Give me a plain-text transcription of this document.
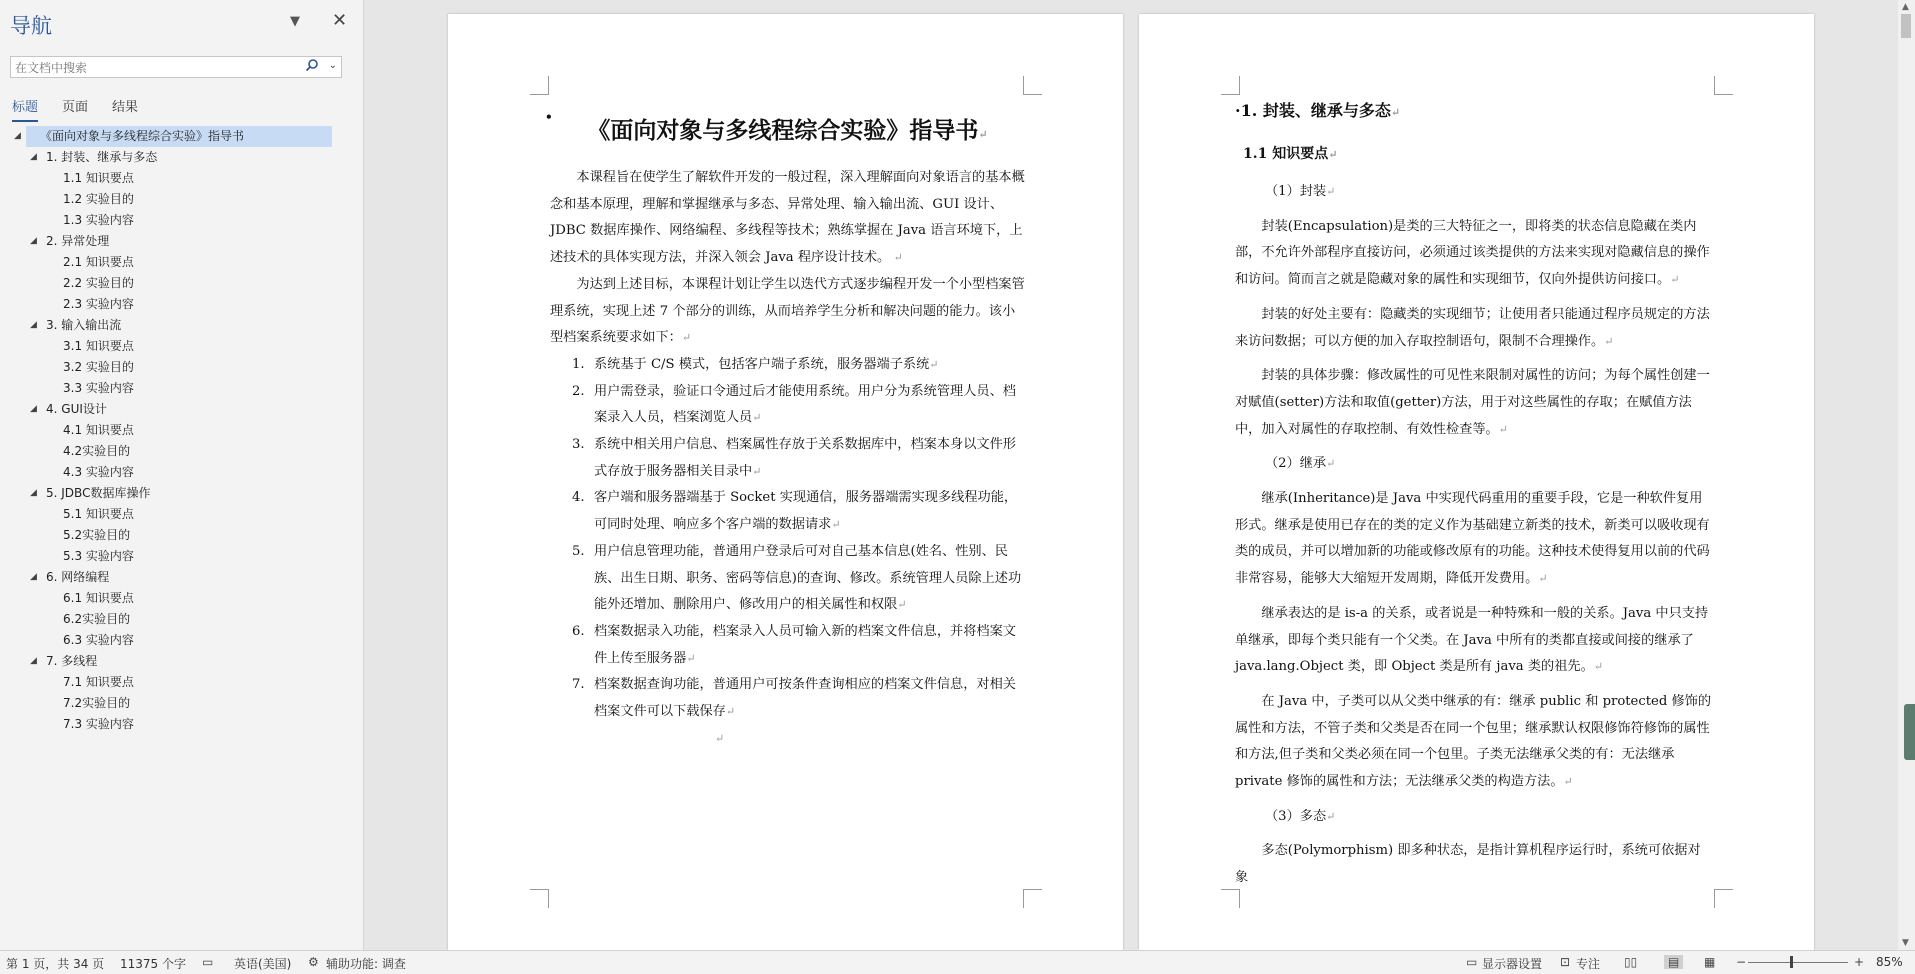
导航	▼ ✕
在文档中搜索
⌄
标题 页面 结果
◢ 《面向对象与多线程综合实验》指导书
◢ 1. 封装、继承与多态
1.1 知识要点
1.2 实验目的
1.3 实验内容
◢ 2. 异常处理
2.1 知识要点
2.2 实验目的
2.3 实验内容
◢ 3. 输入输出流
3.1 知识要点
3.2 实验目的
3.3 实验内容
◢ 4. GUI设计
4.1 知识要点
4.2实验目的
4.3 实验内容
◢ 5. JDBC数据库操作
5.1 知识要点
5.2实验目的
5.3 实验内容
◢ 6. 网络编程
6.1 知识要点
6.2实验目的
6.3 实验内容
◢ 7. 多线程
7.1 知识要点
7.2实验目的
7.3 实验内容
• 《面向对象与多线程综合实验》指导书↵

本课程旨在使学生了解软件开发的一般过程，深入理解面向对象语言的基本概念和基本原理，理解和掌握继承与多态、异常处理、输入输出流、GUI 设计、JDBC 数据库操作、网络编程、多线程等技术；熟练掌握在 Java 语言环境下，上述技术的具体实现方法，并深入领会 Java 程序设计技术。 ↵

为达到上述目标，本课程计划让学生以迭代方式逐步编程开发一个小型档案管理系统，实现上述 7 个部分的训练，从而培养学生分析和解决问题的能力。该小型档案系统要求如下：↵

1. 系统基于 C/S 模式，包括客户端子系统，服务器端子系统↵
2. 用户需登录，验证口令通过后才能使用系统。用户分为系统管理人员、档案录入人员，档案浏览人员↵
3. 系统中相关用户信息、档案属性存放于关系数据库中，档案本身以文件形式存放于服务器相关目录中↵
4. 客户端和服务器端基于 Socket 实现通信，服务器端需实现多线程功能，可同时处理、响应多个客户端的数据请求↵
5. 用户信息管理功能，普通用户登录后可对自己基本信息(姓名、性别、民族、出生日期、职务、密码等信息)的查询、修改。系统管理人员除上述功能外还增加、删除用户、修改用户的相关属性和权限↵
6. 档案数据录入功能，档案录入人员可输入新的档案文件信息，并将档案文件上传至服务器↵
7. 档案数据查询功能，普通用户可按条件查询相应的档案文件信息，对相关档案文件可以下载保存↵
↵
·1. 封装、继承与多态↵
1.1 知识要点↵
（1）封装↵

封装(Encapsulation)是类的三大特征之一，即将类的状态信息隐藏在类内部，不允许外部程序直接访问，必须通过该类提供的方法来实现对隐藏信息的操作和访问。简而言之就是隐藏对象的属性和实现细节，仅向外提供访问接口。↵

封装的好处主要有：隐藏类的实现细节；让使用者只能通过程序员规定的方法来访问数据；可以方便的加入存取控制语句，限制不合理操作。↵

封装的具体步骤：修改属性的可见性来限制对属性的访问；为每个属性创建一对赋值(setter)方法和取值(getter)方法，用于对这些属性的存取；在赋值方法中，加入对属性的存取控制、有效性检查等。↵

（2）继承↵

继承(Inheritance)是 Java 中实现代码重用的重要手段，它是一种软件复用形式。继承是使用已存在的类的定义作为基础建立新类的技术，新类可以吸收现有类的成员，并可以增加新的功能或修改原有的功能。这种技术使得复用以前的代码非常容易，能够大大缩短开发周期，降低开发费用。↵

继承表达的是 is-a 的关系，或者说是一种特殊和一般的关系。Java 中只支持单继承，即每个类只能有一个父类。在 Java 中所有的类都直接或间接的继承了 java.lang.Object 类，即 Object 类是所有 java 类的祖先。↵

在 Java 中，子类可以从父类中继承的有：继承 public 和 protected 修饰的属性和方法，不管子类和父类是否在同一个包里；继承默认权限修饰符修饰的属性和方法,但子类和父类必须在同一个包里。子类无法继承父类的有：无法继承 private 修饰的属性和方法；无法继承父类的构造方法。↵

（3）多态↵

多态(Polymorphism) 即多种状态，是指计算机程序运行时，系统可依据对象

▲
▼
第 1 页，共 34 页 11375 个字 ▭ 英语(美国) ⚙ 辅助功能: 调查	▭ 显示器设置 ⊡ 专注 ▯▯	▤	▦ −	+ 85%
